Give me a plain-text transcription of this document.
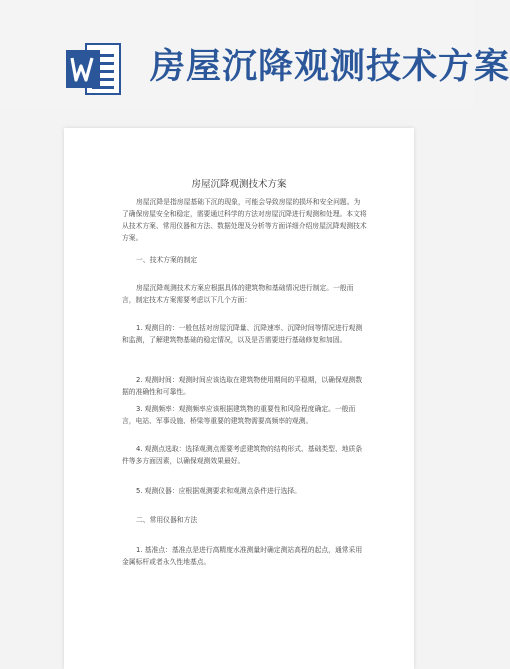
房屋沉降观测技术方案
房屋沉降观测技术方案

房屋沉降是指房屋基础下沉的现象，可能会导致房屋的损坏和安全问题。为了确保房屋安全和稳定，需要通过科学的方法对房屋沉降进行观测和处理。本文将从技术方案、常用仪器和方法、数据处理及分析等方面详细介绍房屋沉降观测技术方案。

一、技术方案的制定

房屋沉降观测技术方案应根据具体的建筑物和基础情况进行制定。一般而言，制定技术方案需要考虑以下几个方面：

1. 观测目的：一般包括对房屋沉降量、沉降速率、沉降时间等情况进行观测和监测，了解建筑物基础的稳定情况，以及是否需要进行基础修复和加固。

2. 观测时间：观测时间应该选取在建筑物使用期间的平稳期，以确保观测数据的准确性和可靠性。

3. 观测频率：观测频率应该根据建筑物的重要性和风险程度确定。一般而言，电站、军事设施、桥梁等重要的建筑物需要高频率的观测。

4. 观测点选取：选择观测点需要考虑建筑物的结构形式、基础类型、地质条件等多方面因素，以确保观测效果最好。

5. 观测仪器：应根据观测要求和观测点条件进行选择。

二、常用仪器和方法

1. 基准点：基准点是进行高精度水准测量时确定测站高程的起点，通常采用金属标杆或者永久性地基点。
